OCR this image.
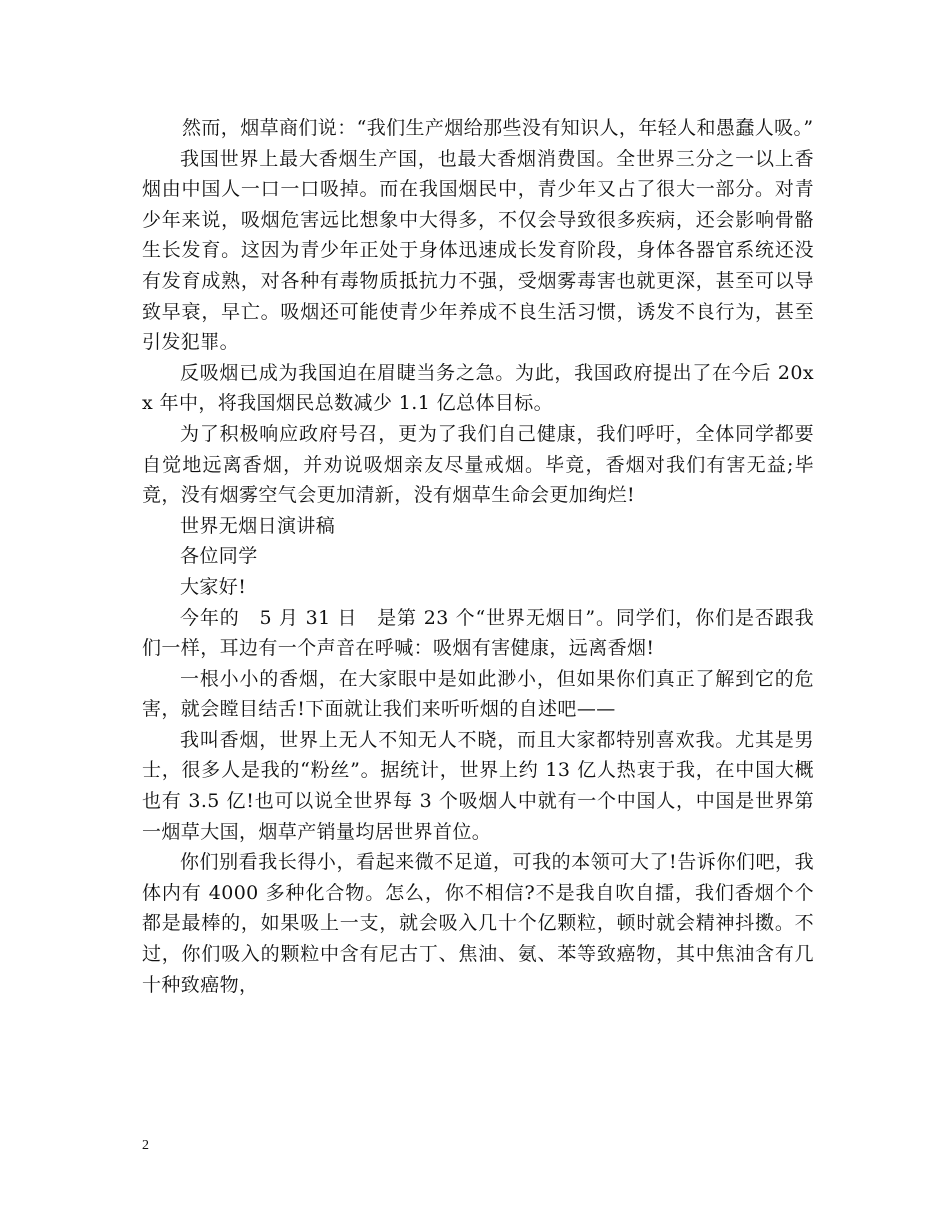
然而，烟草商们说：“我们生产烟给那些没有知识人，年轻人和愚蠢人吸。”

我国世界上最大香烟生产国，也最大香烟消费国。全世界三分之一以上香烟由中国人一口一口吸掉。而在我国烟民中，青少年又占了很大一部分。对青少年来说，吸烟危害远比想象中大得多，不仅会导致很多疾病，还会影响骨骼生长发育。这因为青少年正处于身体迅速成长发育阶段，身体各器官系统还没有发育成熟，对各种有毒物质抵抗力不强，受烟雾毒害也就更深，甚至可以导致早衰，早亡。吸烟还可能使青少年养成不良生活习惯，诱发不良行为，甚至引发犯罪。

反吸烟已成为我国迫在眉睫当务之急。为此，我国政府提出了在今后 20xx 年中，将我国烟民总数减少 1.1 亿总体目标。

为了积极响应政府号召，更为了我们自己健康，我们呼吁，全体同学都要自觉地远离香烟，并劝说吸烟亲友尽量戒烟。毕竟，香烟对我们有害无益;毕竟，没有烟雾空气会更加清新，没有烟草生命会更加绚烂!

世界无烟日演讲稿

各位同学

大家好!

今年的　5 月 31 日　是第 23 个“世界无烟日”。同学们，你们是否跟我们一样，耳边有一个声音在呼喊：吸烟有害健康，远离香烟!

一根小小的香烟，在大家眼中是如此渺小，但如果你们真正了解到它的危害，就会瞠目结舌!下面就让我们来听听烟的自述吧——

我叫香烟，世界上无人不知无人不晓，而且大家都特别喜欢我。尤其是男士，很多人是我的“粉丝”。据统计，世界上约 13 亿人热衷于我，在中国大概也有 3.5 亿!也可以说全世界每 3 个吸烟人中就有一个中国人，中国是世界第一烟草大国，烟草产销量均居世界首位。

你们别看我长得小，看起来微不足道，可我的本领可大了!告诉你们吧，我体内有 4000 多种化合物。怎么，你不相信?不是我自吹自擂，我们香烟个个都是最棒的，如果吸上一支，就会吸入几十个亿颗粒，顿时就会精神抖擞。不过，你们吸入的颗粒中含有尼古丁、焦油、氨、苯等致癌物，其中焦油含有几十种致癌物，

2
